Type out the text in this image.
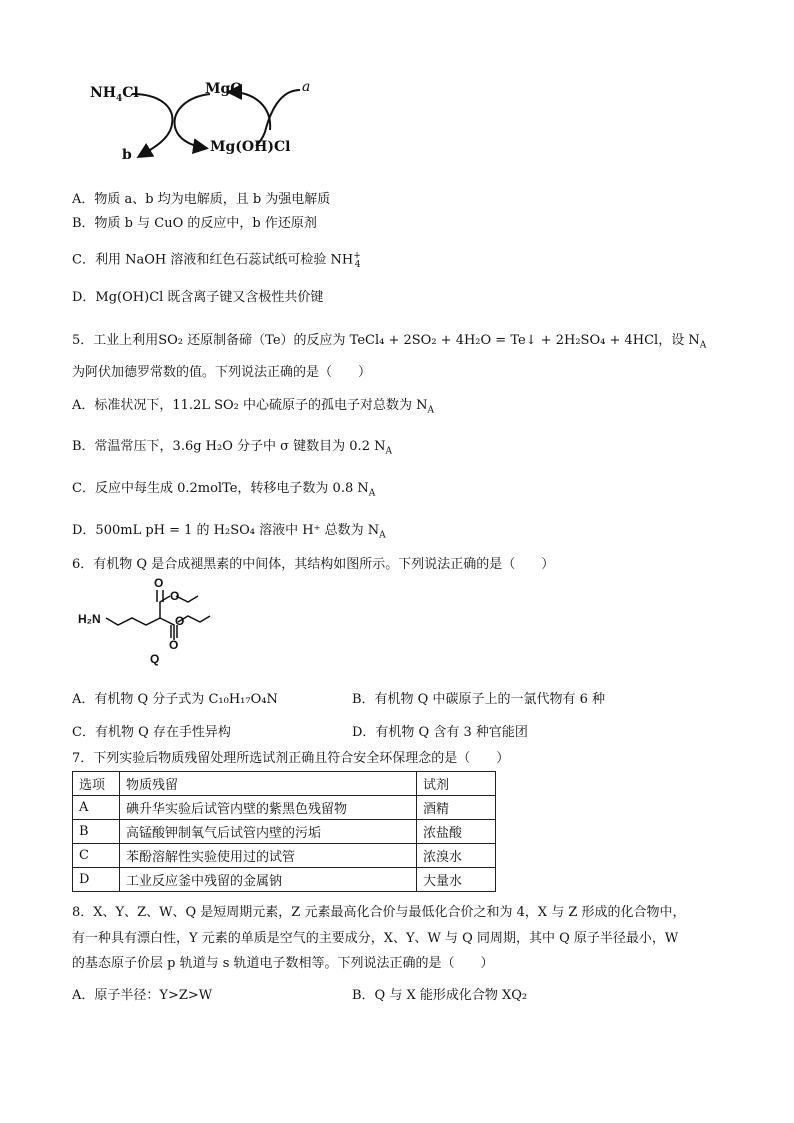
$NH_4Cl$	MgO	a
b	Mg(OH)Cl
A．物质 a、b 均为电解质，且 b 为强电解质
B．物质 b 与 CuO 的反应中，b 作还原剂
C．利用 NaOH 溶液和红色石蕊试纸可检验 $NH^+_4$
D．Mg(OH)Cl 既含离子键又含极性共价键
5．工业上利用SO₂ 还原制备碲（Te）的反应为 TeCl₄ + 2SO₂ + 4H₂O = Te↓ + 2H₂SO₄ + 4HCl，设 $N_A$
为阿伏加德罗常数的值。下列说法正确的是（　　）
A．标准状况下，11.2L SO₂ 中心硫原子的孤电子对总数为 $N_A$
B．常温常压下，3.6g H₂O 分子中 σ 键数目为 0.2 $N_A$
C．反应中每生成 0.2molTe，转移电子数为 0.8 $N_A$
D．500mL pH = 1 的 H₂SO₄ 溶液中 H⁺ 总数为 $N_A$
6．有机物 Q 是合成褪黑素的中间体，其结构如图所示。下列说法正确的是（　　）
H₂N
O
O
O
O
Q
A．有机物 Q 分子式为 C₁₀H₁₇O₄N	B．有机物 Q 中碳原子上的一氯代物有 6 种
C．有机物 Q 存在手性异构	D．有机物 Q 含有 3 种官能团
7．下列实验后物质残留处理所选试剂正确且符合安全环保理念的是（　　）
选项	物质残留	试剂
A	碘升华实验后试管内壁的紫黑色残留物	酒精
B	高锰酸钾制氧气后试管内壁的污垢	浓盐酸
C	苯酚溶解性实验使用过的试管	浓溴水
D	工业反应釜中残留的金属钠	大量水
8．X、Y、Z、W、Q 是短周期元素，Z 元素最高化合价与最低化合价之和为 4，X 与 Z 形成的化合物中，
有一种具有漂白性，Y 元素的单质是空气的主要成分，X、Y、W 与 Q 同周期，其中 Q 原子半径最小，W
的基态原子价层 p 轨道与 s 轨道电子数相等。下列说法正确的是（　　）
A．原子半径：Y>Z>W	B．Q 与 X 能形成化合物 XQ₂
